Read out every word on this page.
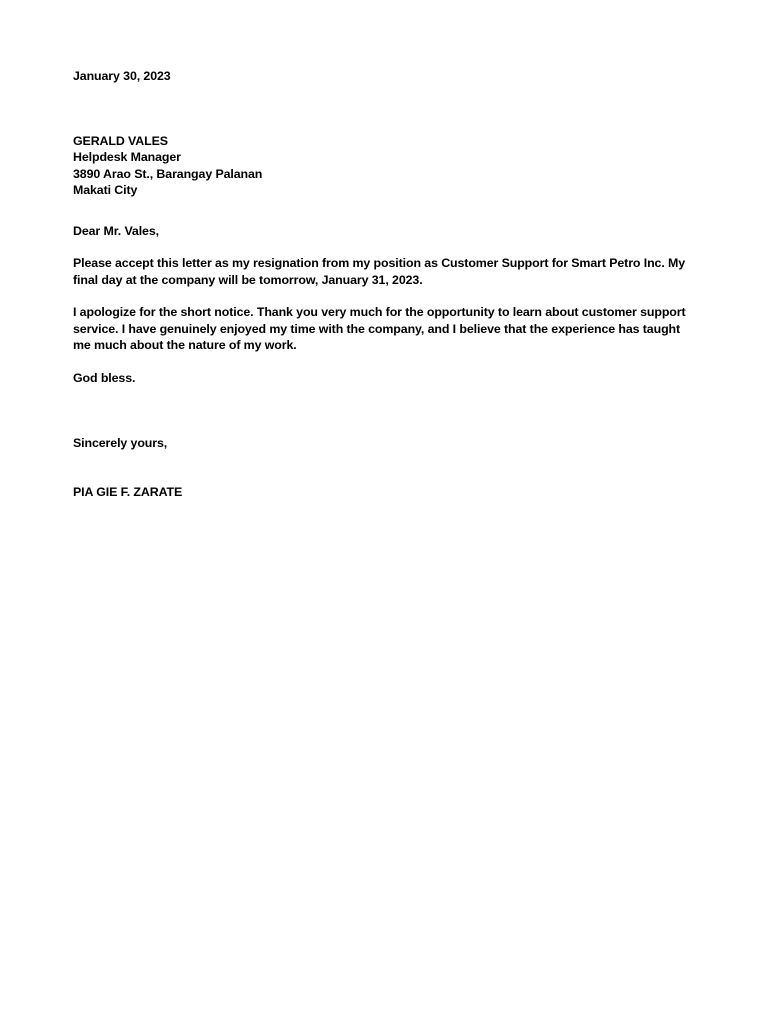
January 30, 2023

GERALD VALES
Helpdesk Manager
3890 Arao St., Barangay Palanan
Makati City

Dear Mr. Vales,

Please accept this letter as my resignation from my position as Customer Support for Smart Petro Inc. My
final day at the company will be tomorrow, January 31, 2023.
I apologize for the short notice. Thank you very much for the opportunity to learn about customer support
service. I have genuinely enjoyed my time with the company, and I believe that the experience has taught
me much about the nature of my work.

God bless.

Sincerely yours,

PIA GIE F. ZARATE
